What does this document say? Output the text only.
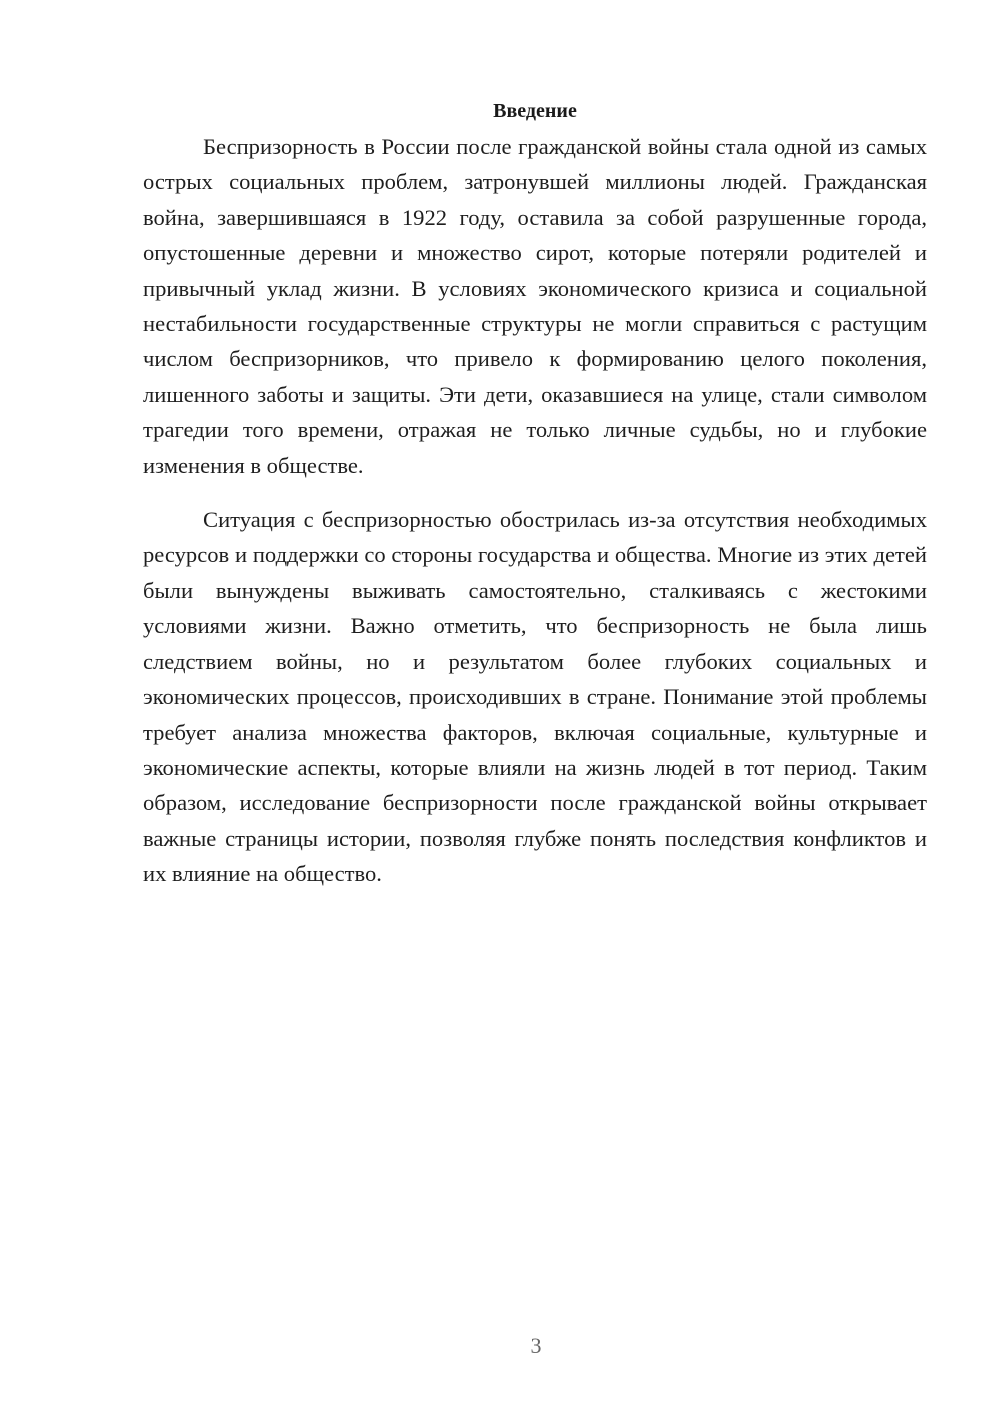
Введение

Беспризорность в России после гражданской войны стала одной из самых острых социальных проблем, затронувшей миллионы людей. Гражданская война, завершившаяся в 1922 году, оставила за собой разрушенные города, опустошенные деревни и множество сирот, которые потеряли родителей и привычный уклад жизни. В условиях экономического кризиса и социальной нестабильности государственные структуры не могли справиться с растущим числом беспризорников, что привело к формированию целого поколения, лишенного заботы и защиты. Эти дети, оказавшиеся на улице, стали символом трагедии того времени, отражая не только личные судьбы, но и глубокие изменения в обществе.

Ситуация с беспризорностью обострилась из-за отсутствия необходимых ресурсов и поддержки со стороны государства и общества. Многие из этих детей были вынуждены выживать самостоятельно, сталкиваясь с жестокими условиями жизни. Важно отметить, что беспризорность не была лишь следствием войны, но и результатом более глубоких социальных и экономических процессов, происходивших в стране. Понимание этой проблемы требует анализа множества факторов, включая социальные, культурные и экономические аспекты, которые влияли на жизнь людей в тот период. Таким образом, исследование беспризорности после гражданской войны открывает важные страницы истории, позволяя глубже понять последствия конфликтов и их влияние на общество.

3
